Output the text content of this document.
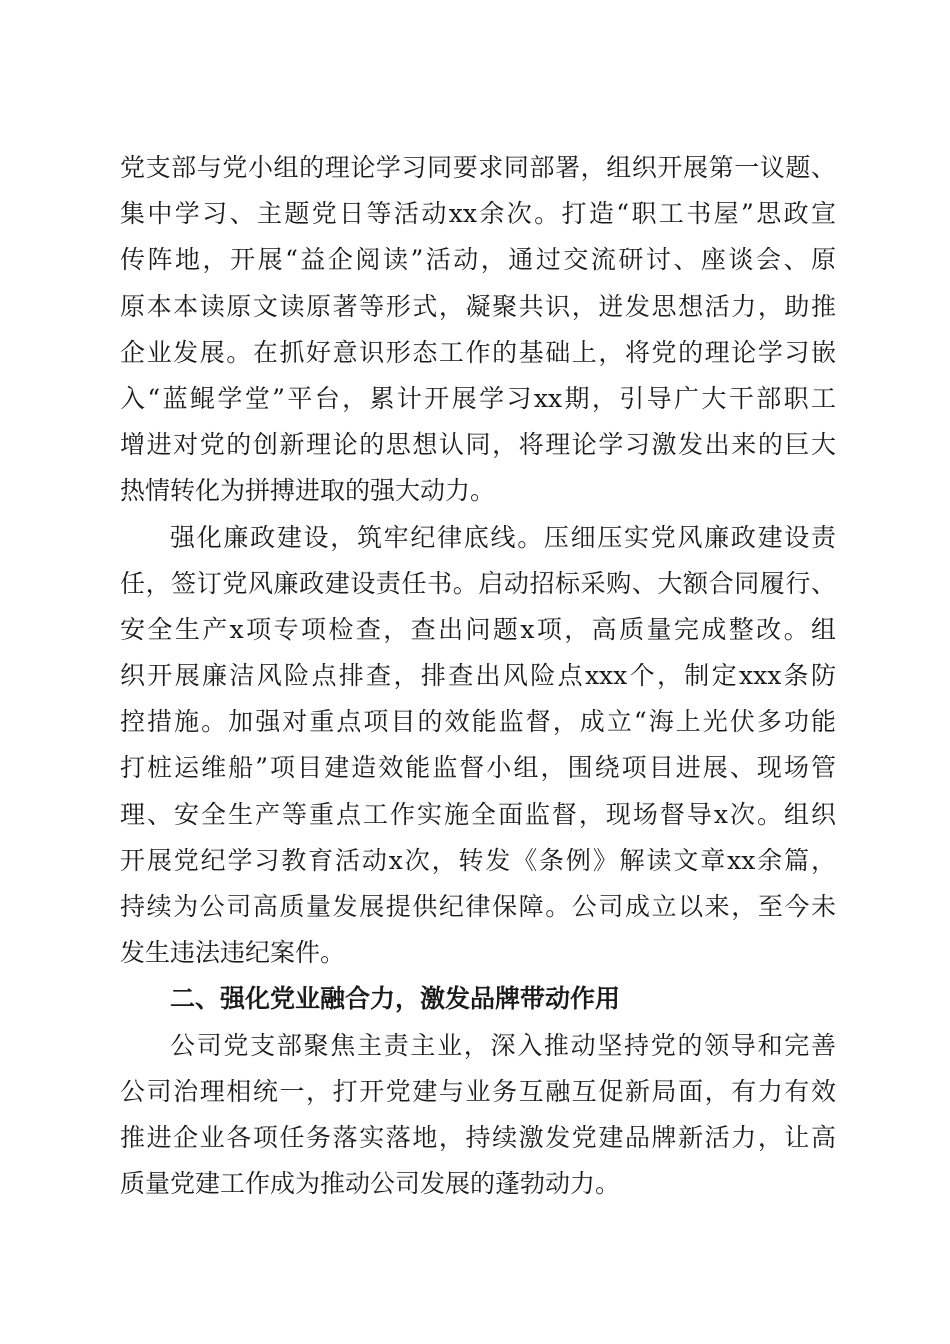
党支部与党小组的理论学习同要求同部署，组织开展第一议题、
集中学习、主题党日等活动xx余次。打造“职工书屋”思政宣
传阵地，开展“益企阅读”活动，通过交流研讨、座谈会、原
原本本读原文读原著等形式，凝聚共识，迸发思想活力，助推
企业发展。在抓好意识形态工作的基础上，将党的理论学习嵌
入“蓝鲲学堂”平台，累计开展学习xx期，引导广大干部职工
增进对党的创新理论的思想认同，将理论学习激发出来的巨大
热情转化为拼搏进取的强大动力。
强化廉政建设，筑牢纪律底线。压细压实党风廉政建设责
任，签订党风廉政建设责任书。启动招标采购、大额合同履行、
安全生产x项专项检查，查出问题x项，高质量完成整改。组
织开展廉洁风险点排查，排查出风险点xxx个，制定xxx条防
控措施。加强对重点项目的效能监督，成立“海上光伏多功能
打桩运维船”项目建造效能监督小组，围绕项目进展、现场管
理、安全生产等重点工作实施全面监督，现场督导x次。组织
开展党纪学习教育活动x次，转发《条例》解读文章xx余篇，
持续为公司高质量发展提供纪律保障。公司成立以来，至今未
发生违法违纪案件。
二、强化党业融合力，激发品牌带动作用
公司党支部聚焦主责主业，深入推动坚持党的领导和完善
公司治理相统一，打开党建与业务互融互促新局面，有力有效
推进企业各项任务落实落地，持续激发党建品牌新活力，让高
质量党建工作成为推动公司发展的蓬勃动力。
